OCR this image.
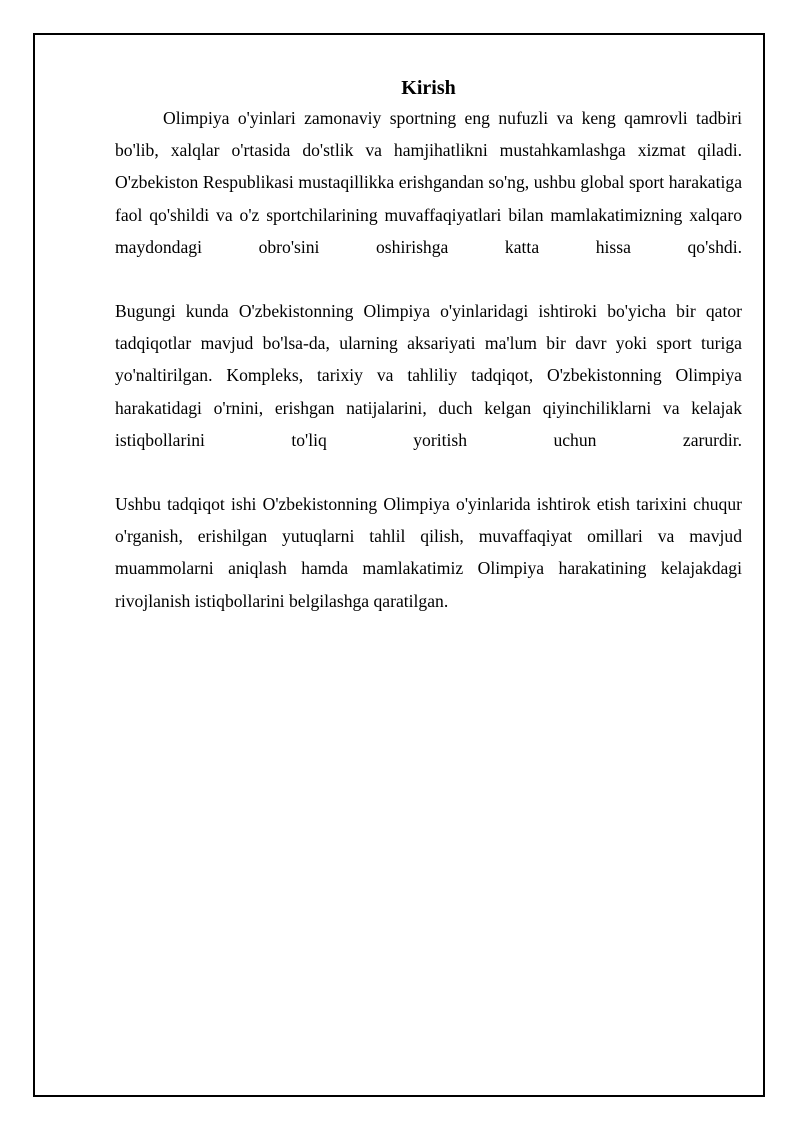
Kirish

Olimpiya o'yinlari zamonaviy sportning eng nufuzli va keng qamrovli tadbiri bo'lib, xalqlar o'rtasida do'stlik va hamjihatlikni mustahkamlashga xizmat qiladi. O'zbekiston Respublikasi mustaqillikka erishgandan so'ng, ushbu global sport harakatiga faol qo'shildi va o'z sportchilarining muvaffaqiyatlari bilan mamlakatimizning xalqaro maydondagi obro'sini oshirishga katta hissa qo'shdi.

Bugungi kunda O'zbekistonning Olimpiya o'yinlaridagi ishtiroki bo'yicha bir qator tadqiqotlar mavjud bo'lsa-da, ularning aksariyati ma'lum bir davr yoki sport turiga yo'naltirilgan. Kompleks, tarixiy va tahliliy tadqiqot, O'zbekistonning Olimpiya harakatidagi o'rnini, erishgan natijalarini, duch kelgan qiyinchiliklarni va kelajak istiqbollarini to'liq yoritish uchun zarurdir.

Ushbu tadqiqot ishi O'zbekistonning Olimpiya o'yinlarida ishtirok etish tarixini chuqur o'rganish, erishilgan yutuqlarni tahlil qilish, muvaffaqiyat omillari va mavjud muammolarni aniqlash hamda mamlakatimiz Olimpiya harakatining kelajakdagi rivojlanish istiqbollarini belgilashga qaratilgan.
